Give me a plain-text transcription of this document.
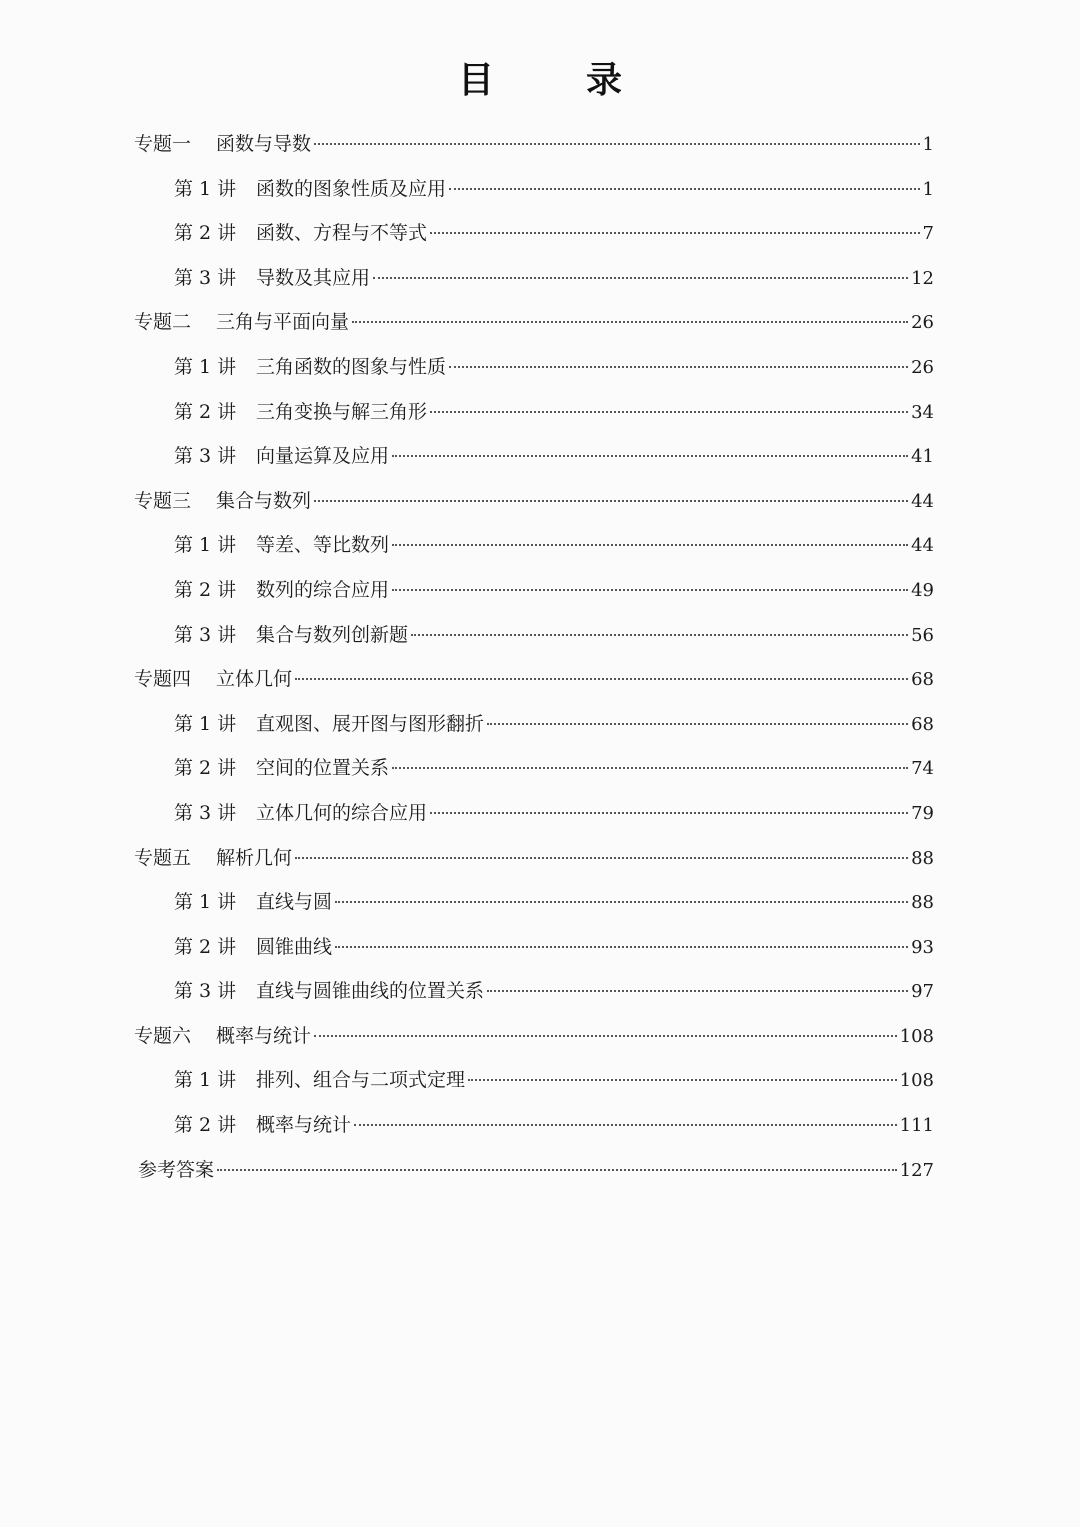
目　录
专题一	函数与导数	1
第 1 讲	函数的图象性质及应用	1
第 2 讲	函数、方程与不等式	7
第 3 讲	导数及其应用	12
专题二	三角与平面向量	26
第 1 讲	三角函数的图象与性质	26
第 2 讲	三角变换与解三角形	34
第 3 讲	向量运算及应用	41
专题三	集合与数列	44
第 1 讲	等差、等比数列	44
第 2 讲	数列的综合应用	49
第 3 讲	集合与数列创新题	56
专题四	立体几何	68
第 1 讲	直观图、展开图与图形翻折	68
第 2 讲	空间的位置关系	74
第 3 讲	立体几何的综合应用	79
专题五	解析几何	88
第 1 讲	直线与圆	88
第 2 讲	圆锥曲线	93
第 3 讲	直线与圆锥曲线的位置关系	97
专题六	概率与统计	108
第 1 讲	排列、组合与二项式定理	108
第 2 讲	概率与统计	111
参考答案	127
